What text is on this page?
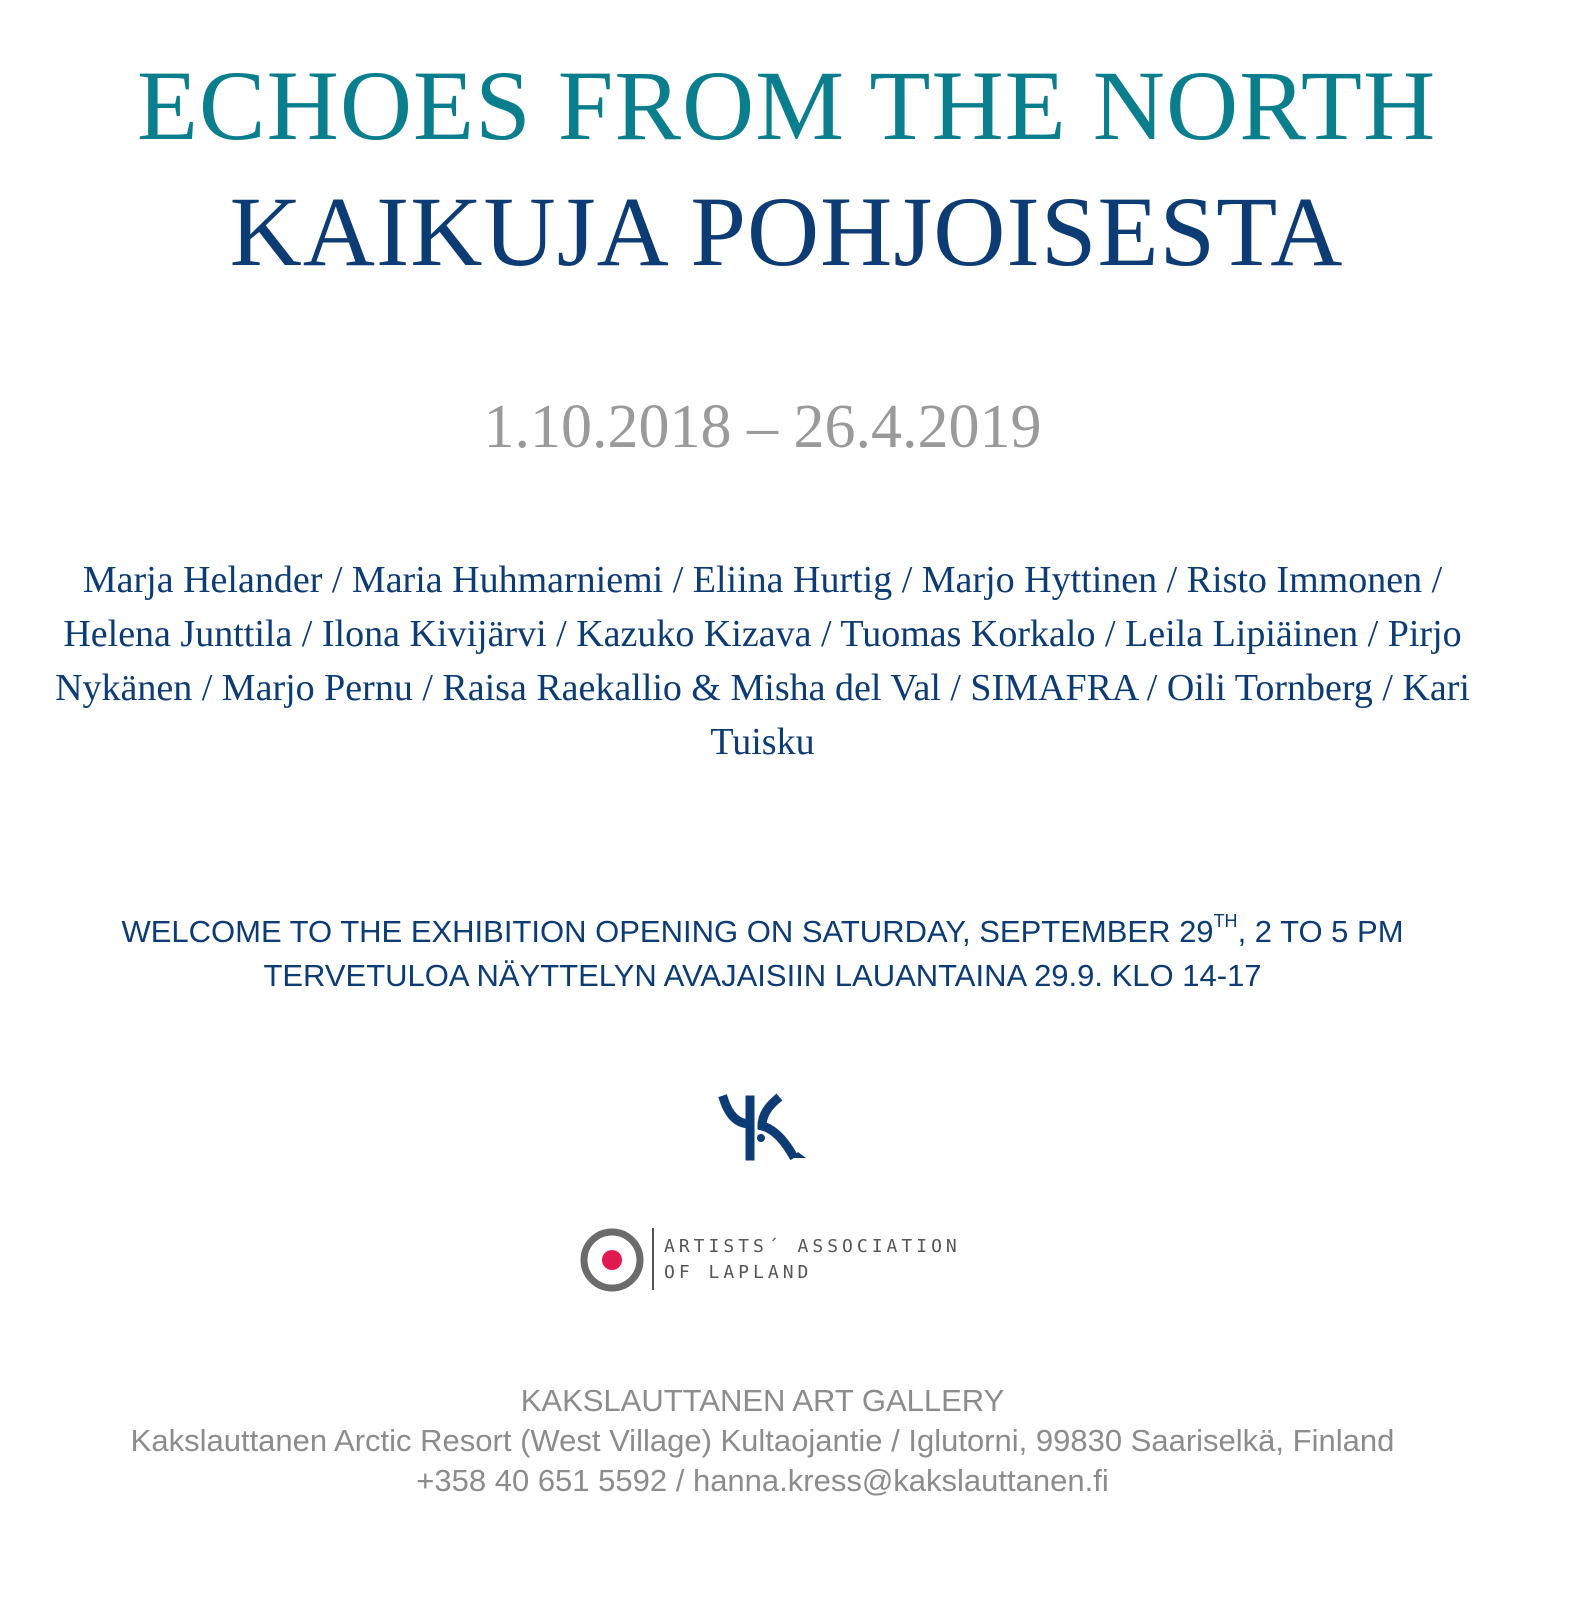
ECHOES FROM THE NORTH
KAIKUJA POHJOISESTA
1.10.2018 – 26.4.2019
Marja Helander / Maria Huhmarniemi / Eliina Hurtig / Marjo Hyttinen / Risto Immonen / Helena Junttila / Ilona Kivijärvi / Kazuko Kizava / Tuomas Korkalo / Leila Lipiäinen / Pirjo Nykänen / Marjo Pernu / Raisa Raekallio & Misha del Val / SIMAFRA / Oili Tornberg / Kari Tuisku
WELCOME TO THE EXHIBITION OPENING ON SATURDAY, SEPTEMBER 29TH, 2 TO 5 PM
TERVETULOA NÄYTTELYN AVAJAISIIN LAUANTAINA 29.9. KLO 14-17
ARTISTS´ ASSOCIATION
OF LAPLAND
KAKSLAUTTANEN ART GALLERY
Kakslauttanen Arctic Resort (West Village) Kultaojantie / Iglutorni, 99830 Saariselkä, Finland
+358 40 651 5592 / hanna.kress@kakslauttanen.fi
